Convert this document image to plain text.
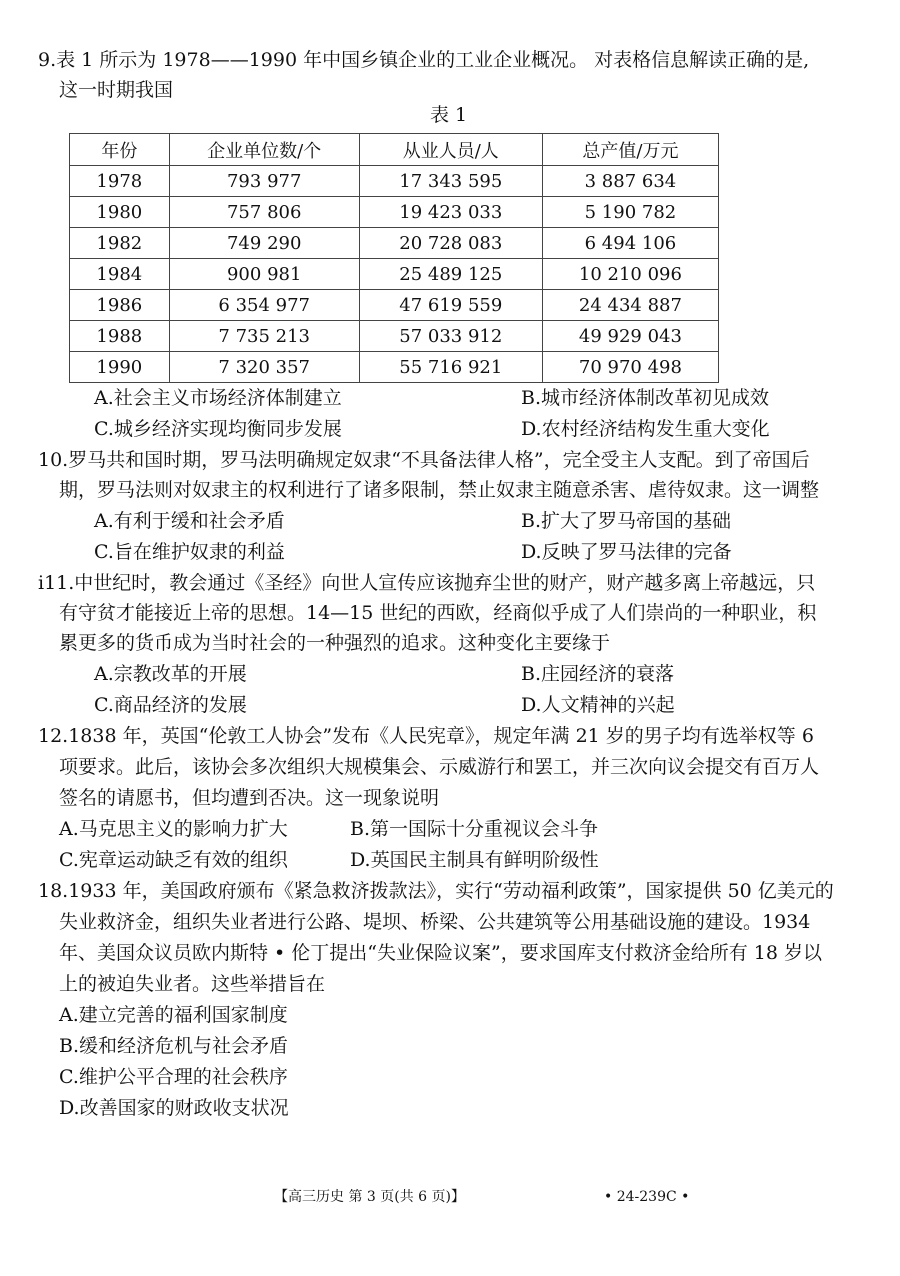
9.表 1 所示为 1978——1990 年中国乡镇企业的工业企业概况。 对表格信息解读正确的是,
这一时期我国
表 1
年份	企业单位数/个	从业人员/人	总产值/万元
1978	793 977	17 343 595	3 887 634
1980	757 806	19 423 033	5 190 782
1982	749 290	20 728 083	6 494 106
1984	900 981	25 489 125	10 210 096
1986	6 354 977	47 619 559	24 434 887
1988	7 735 213	57 033 912	49 929 043
1990	7 320 357	55 716 921	70 970 498
A.社会主义市场经济体制建立	B.城市经济体制改革初见成效
C.城乡经济实现均衡同步发展	D.农村经济结构发生重大变化
10.罗马共和国时期，罗马法明确规定奴隶“不具备法律人格”，完全受主人支配。到了帝国后
期，罗马法则对奴隶主的权利进行了诸多限制，禁止奴隶主随意杀害、虐待奴隶。这一调整
A.有利于缓和社会矛盾	B.扩大了罗马帝国的基础
C.旨在维护奴隶的利益	D.反映了罗马法律的完备
i11.中世纪时，教会通过《圣经》向世人宣传应该抛弃尘世的财产，财产越多离上帝越远，只
有守贫才能接近上帝的思想。14—15 世纪的西欧，经商似乎成了人们崇尚的一种职业，积
累更多的货币成为当时社会的一种强烈的追求。这种变化主要缘于
A.宗教改革的开展	B.庄园经济的衰落
C.商品经济的发展	D.人文精神的兴起
12.1838 年，英国“伦敦工人协会”发布《人民宪章》，规定年满 21 岁的男子均有选举权等 6
项要求。此后，该协会多次组织大规模集会、示威游行和罢工，并三次向议会提交有百万人
签名的请愿书，但均遭到否决。这一现象说明
A.马克思主义的影响力扩大	B.第一国际十分重视议会斗争
C.宪章运动缺乏有效的组织	D.英国民主制具有鲜明阶级性
18.1933 年，美国政府颁布《紧急救济拨款法》，实行“劳动福利政策”，国家提供 50 亿美元的
失业救济金，组织失业者进行公路、堤坝、桥梁、公共建筑等公用基础设施的建设。1934
年、美国众议员欧内斯特 • 伦丁提出“失业保险议案”，要求国库支付救济金给所有 18 岁以
上的被迫失业者。这些举措旨在
A.建立完善的福利国家制度
B.缓和经济危机与社会矛盾
C.维护公平合理的社会秩序
D.改善国家的财政收支状况
【高三历史 第 3 页(共 6 页)】	• 24-239C •
